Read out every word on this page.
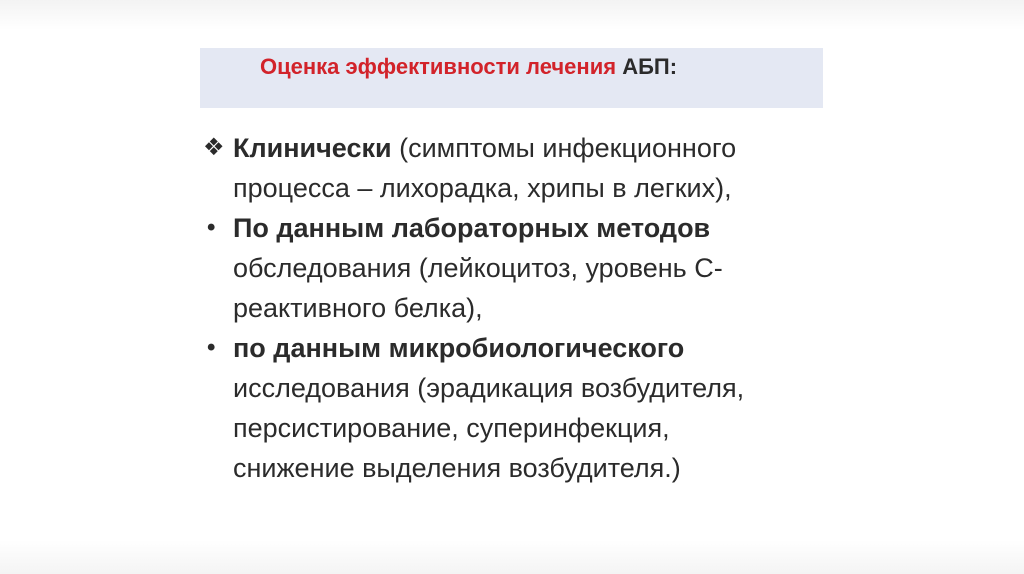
Оценка эффективности лечения АБП:
❖ Клинически (симптомы инфекционного
процесса – лихорадка, хрипы в легких),
• По данным лабораторных методов
обследования (лейкоцитоз, уровень С-
реактивного белка),
• по данным микробиологического
исследования (эрадикация возбудителя,
персистирование, суперинфекция,
снижение выделения возбудителя.)
